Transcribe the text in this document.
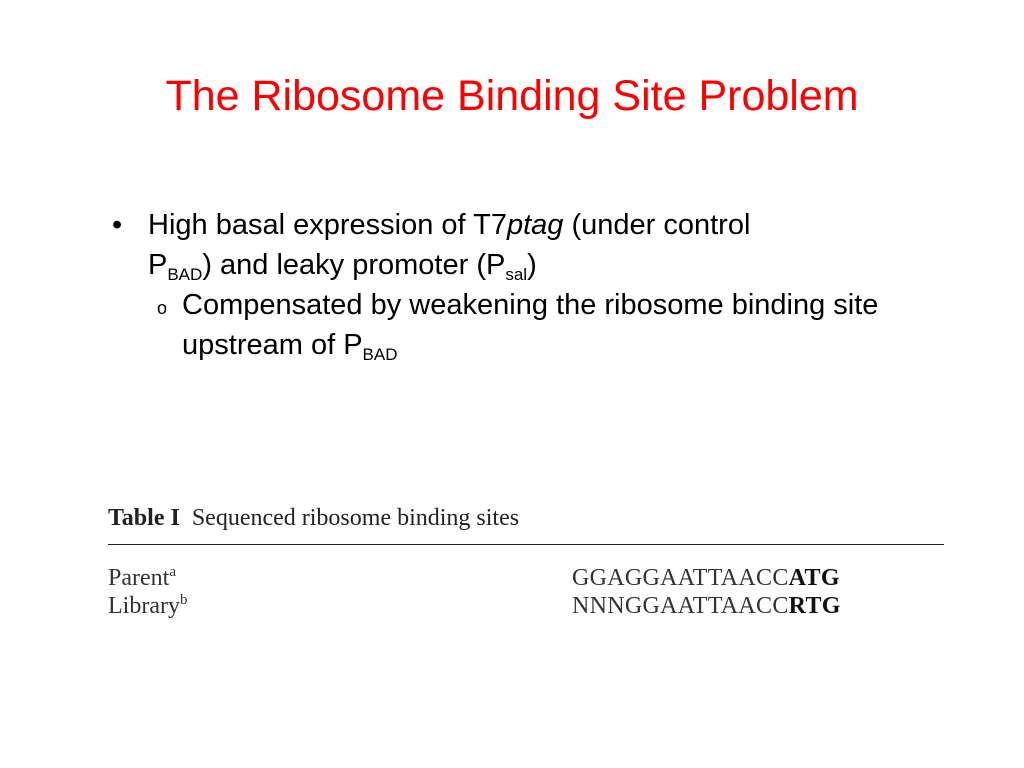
The Ribosome Binding Site Problem
• High basal expression of T7ptag (under control
$P_{BAD}$) and leaky promoter $(P_{sal})$
o Compensated by weakening the ribosome binding site upstream of $P_{BAD}$
Table I Sequenced ribosome binding sites
Parent$^a$	GGAGGAATTAACCATG
Library$^b$	NNNGGAATTAACCRTG
